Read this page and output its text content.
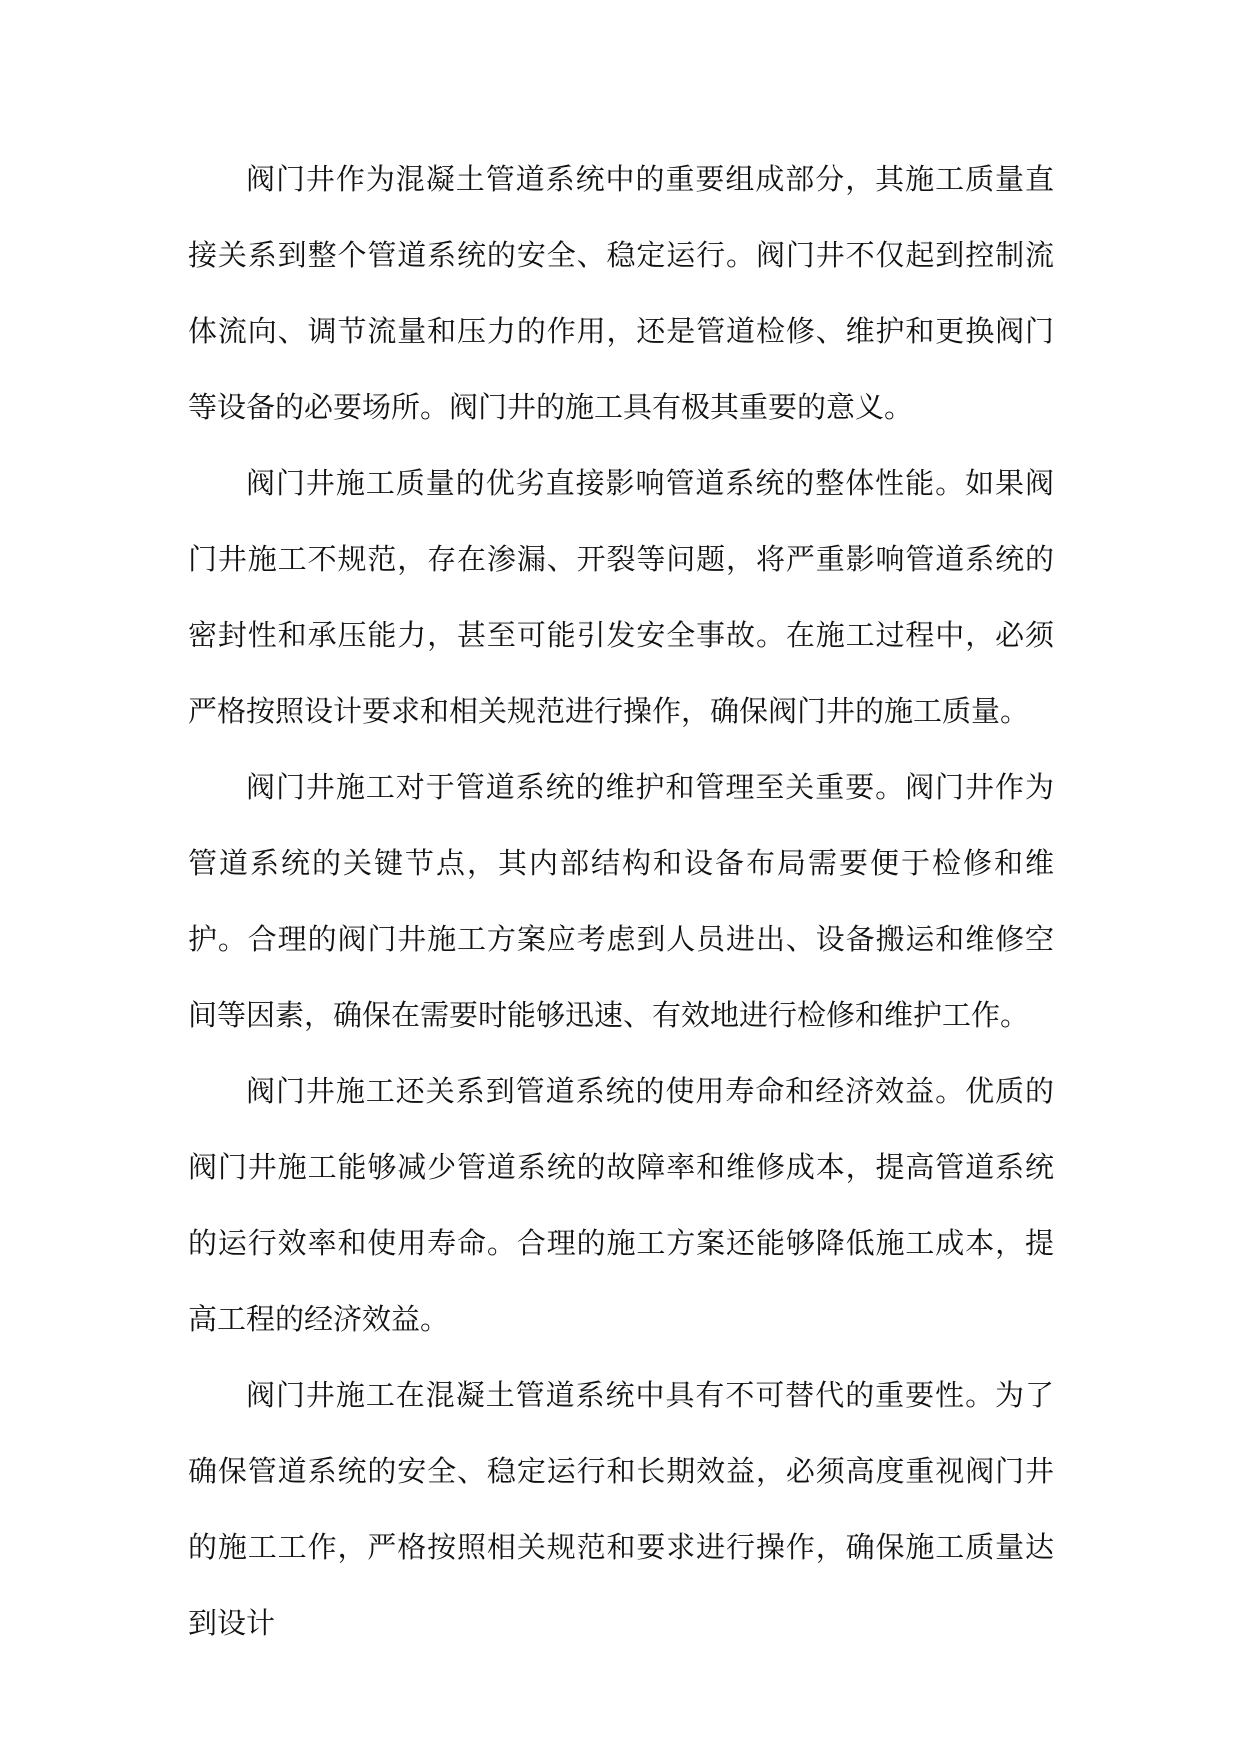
阀门井作为混凝土管道系统中的重要组成部分，其施工质量直接关系到整个管道系统的安全、稳定运行。阀门井不仅起到控制流体流向、调节流量和压力的作用，还是管道检修、维护和更换阀门等设备的必要场所。阀门井的施工具有极其重要的意义。

阀门井施工质量的优劣直接影响管道系统的整体性能。如果阀门井施工不规范，存在渗漏、开裂等问题，将严重影响管道系统的密封性和承压能力，甚至可能引发安全事故。在施工过程中，必须严格按照设计要求和相关规范进行操作，确保阀门井的施工质量。

阀门井施工对于管道系统的维护和管理至关重要。阀门井作为管道系统的关键节点，其内部结构和设备布局需要便于检修和维护。合理的阀门井施工方案应考虑到人员进出、设备搬运和维修空间等因素，确保在需要时能够迅速、有效地进行检修和维护工作。

阀门井施工还关系到管道系统的使用寿命和经济效益。优质的阀门井施工能够减少管道系统的故障率和维修成本，提高管道系统的运行效率和使用寿命。合理的施工方案还能够降低施工成本，提高工程的经济效益。

阀门井施工在混凝土管道系统中具有不可替代的重要性。为了确保管道系统的安全、稳定运行和长期效益，必须高度重视阀门井的施工工作，严格按照相关规范和要求进行操作，确保施工质量达到设计
